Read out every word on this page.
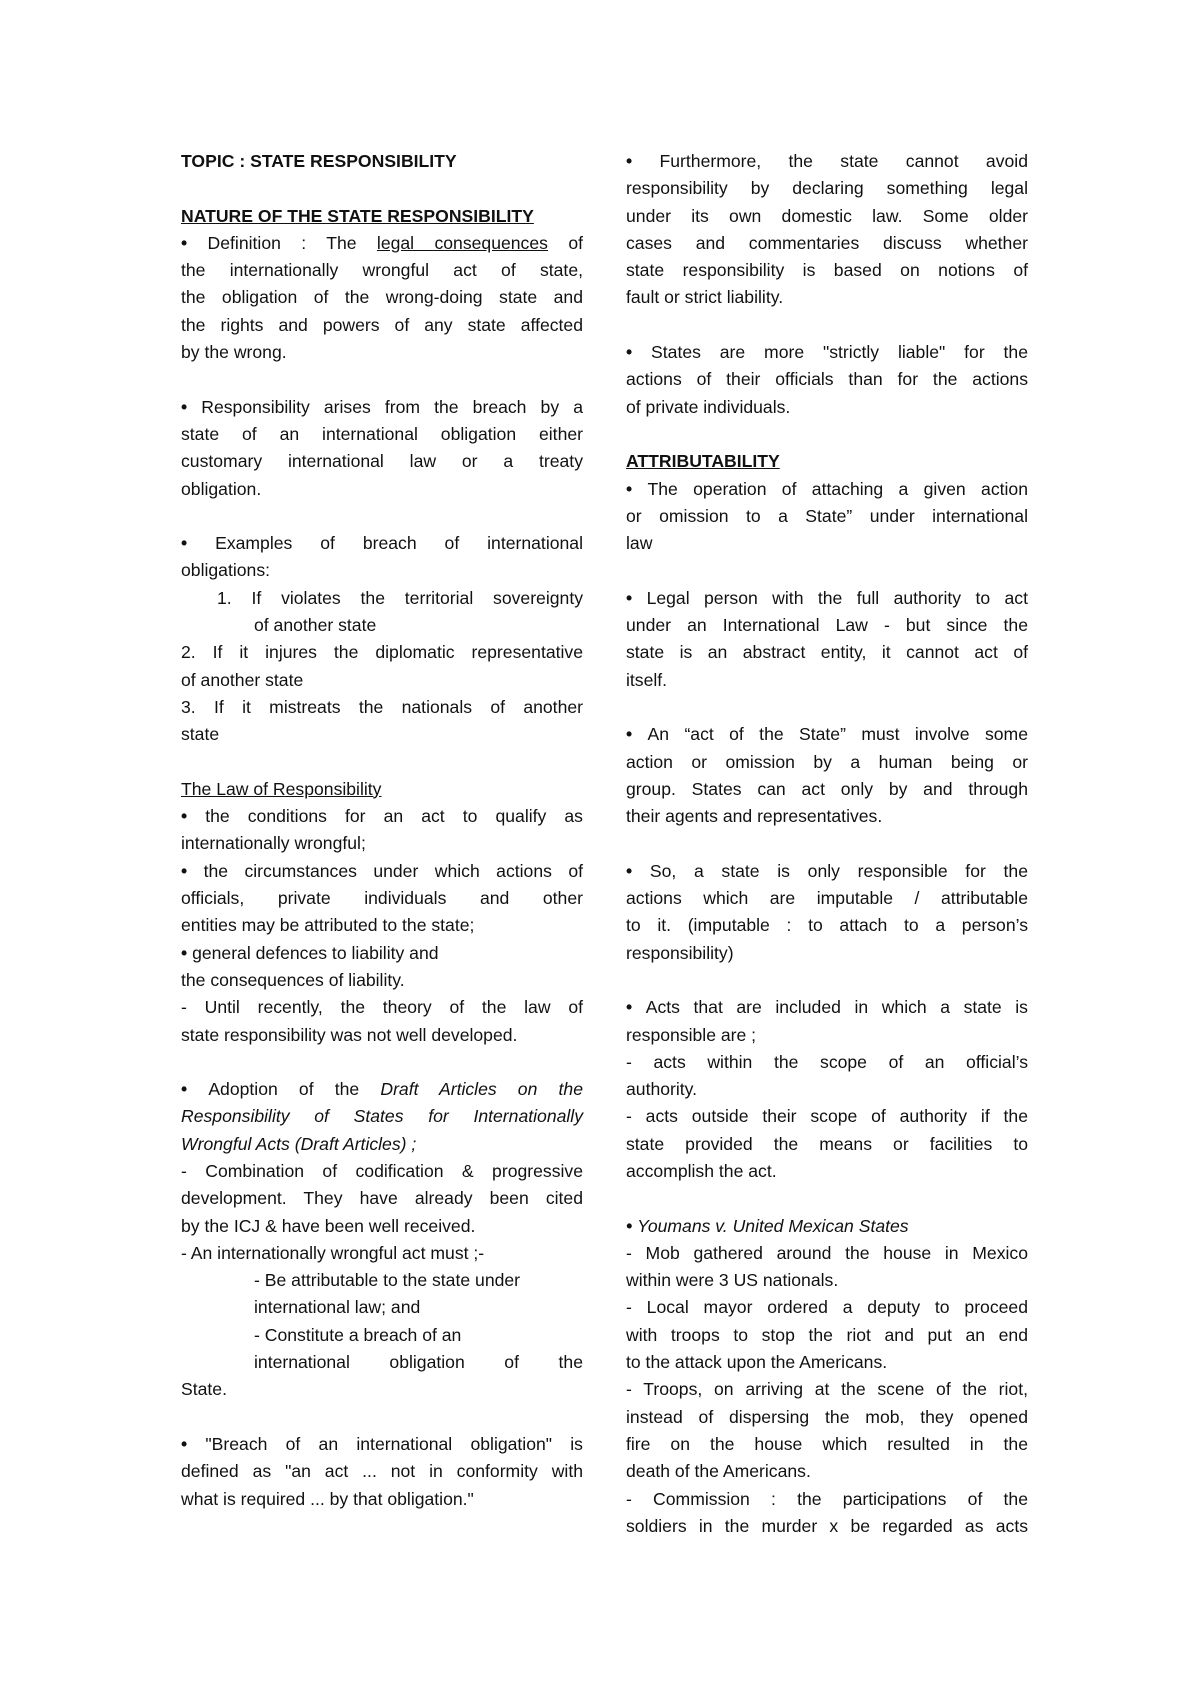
TOPIC : STATE RESPONSIBILITY

NATURE OF THE STATE RESPONSIBILITY

• Definition : The legal consequences of

the internationally wrongful act of state,

the obligation of the wrong-doing state and

the rights and powers of any state affected

by the wrong.

• Responsibility arises from the breach by a

state of an international obligation either

customary international law or a treaty

obligation.

• Examples of breach of international

obligations:

1. If violates the territorial sovereignty

of another state

2. If it injures the diplomatic representative

of another state

3. If it mistreats the nationals of another

state

The Law of Responsibility

• the conditions for an act to qualify as

internationally wrongful;

• the circumstances under which actions of

officials, private individuals and other

entities may be attributed to the state;

• general defences to liability and

the consequences of liability.

- Until recently, the theory of the law of

state responsibility was not well developed.

• Adoption of the Draft Articles on the

Responsibility of States for Internationally

Wrongful Acts (Draft Articles) ;

- Combination of codification & progressive

development. They have already been cited

by the ICJ & have been well received.

- An internationally wrongful act must ;-

- Be attributable to the state under

international law; and

- Constitute a breach of an

international obligation of the

State.

• "Breach of an international obligation" is

defined as "an act ... not in conformity with

what is required ... by that obligation."

• Furthermore, the state cannot avoid

responsibility by declaring something legal

under its own domestic law. Some older

cases and commentaries discuss whether

state responsibility is based on notions of

fault or strict liability.

• States are more "strictly liable" for the

actions of their officials than for the actions

of private individuals.

ATTRIBUTABILITY

• The operation of attaching a given action

or omission to a State” under international

law

• Legal person with the full authority to act

under an International Law - but since the

state is an abstract entity, it cannot act of

itself.

• An “act of the State” must involve some

action or omission by a human being or

group. States can act only by and through

their agents and representatives.

• So, a state is only responsible for the

actions which are imputable / attributable

to it. (imputable : to attach to a person’s

responsibility)

• Acts that are included in which a state is

responsible are ;

- acts within the scope of an official’s

authority.

- acts outside their scope of authority if the

state provided the means or facilities to

accomplish the act.

• Youmans v. United Mexican States

- Mob gathered around the house in Mexico

within were 3 US nationals.

- Local mayor ordered a deputy to proceed

with troops to stop the riot and put an end

to the attack upon the Americans.

- Troops, on arriving at the scene of the riot,

instead of dispersing the mob, they opened

fire on the house which resulted in the

death of the Americans.

- Commission : the participations of the

soldiers in the murder x be regarded as acts
